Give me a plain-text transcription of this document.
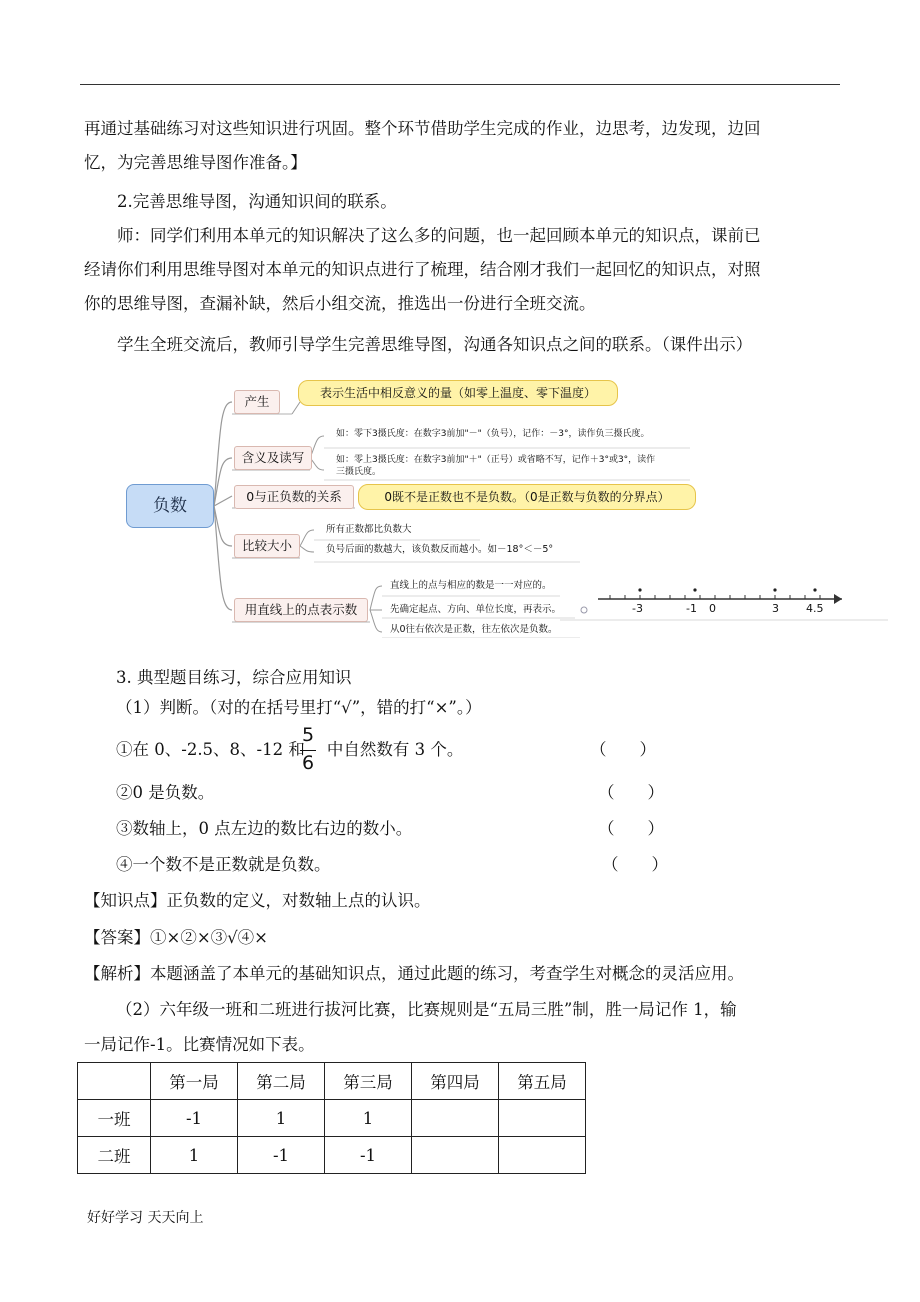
再通过基础练习对这些知识进行巩固。整个环节借助学生完成的作业，边思考，边发现，边回
忆，为完善思维导图作准备。】
2.完善思维导图，沟通知识间的联系。
师：同学们利用本单元的知识解决了这么多的问题，也一起回顾本单元的知识点，课前已
经请你们利用思维导图对本单元的知识点进行了梳理，结合刚才我们一起回忆的知识点，对照
你的思维导图，查漏补缺，然后小组交流，推选出一份进行全班交流。
学生全班交流后，教师引导学生完善思维导图，沟通各知识点之间的联系。（课件出示）
负数
产生
含义及读写
0与正负数的关系
比较大小
用直线上的点表示数
表示生活中相反意义的量（如零上温度、零下温度）
如：零下3摄氏度：在数字3前加"－"（负号），记作：－3°，读作负三摄氏度。
如：零上3摄氏度：在数字3前加"＋"（正号）或省略不写，记作＋3°或3°，读作
三摄氏度。
0既不是正数也不是负数。（0是正数与负数的分界点）
所有正数都比负数大
负号后面的数越大，该负数反而越小。如－18°＜－5°
直线上的点与相应的数是一一对应的。
先确定起点、方向、单位长度，再表示。
从0往右依次是正数，往左依次是负数。
-3	-1 0	3 4.5
3. 典型题目练习，综合应用知识
（1）判断。（对的在括号里打“√”，错的打“×”。）
①在 0、-2.5、8、-12 和 中自然数有 3 个。
5
6
（　　）
②0 是负数。	（　　）
③数轴上，0 点左边的数比右边的数小。	（　　）
④一个数不是正数就是负数。	（　　）
【知识点】正负数的定义，对数轴上点的认识。
【答案】①×②×③√④×
【解析】本题涵盖了本单元的基础知识点，通过此题的练习，考查学生对概念的灵活应用。
（2）六年级一班和二班进行拔河比赛，比赛规则是“五局三胜”制，胜一局记作 1，输
一局记作-1。比赛情况如下表。
	第一局	第二局	第三局	第四局	第五局
一班	-1	1	1		
二班	1	-1	-1		
好好学习 天天向上
